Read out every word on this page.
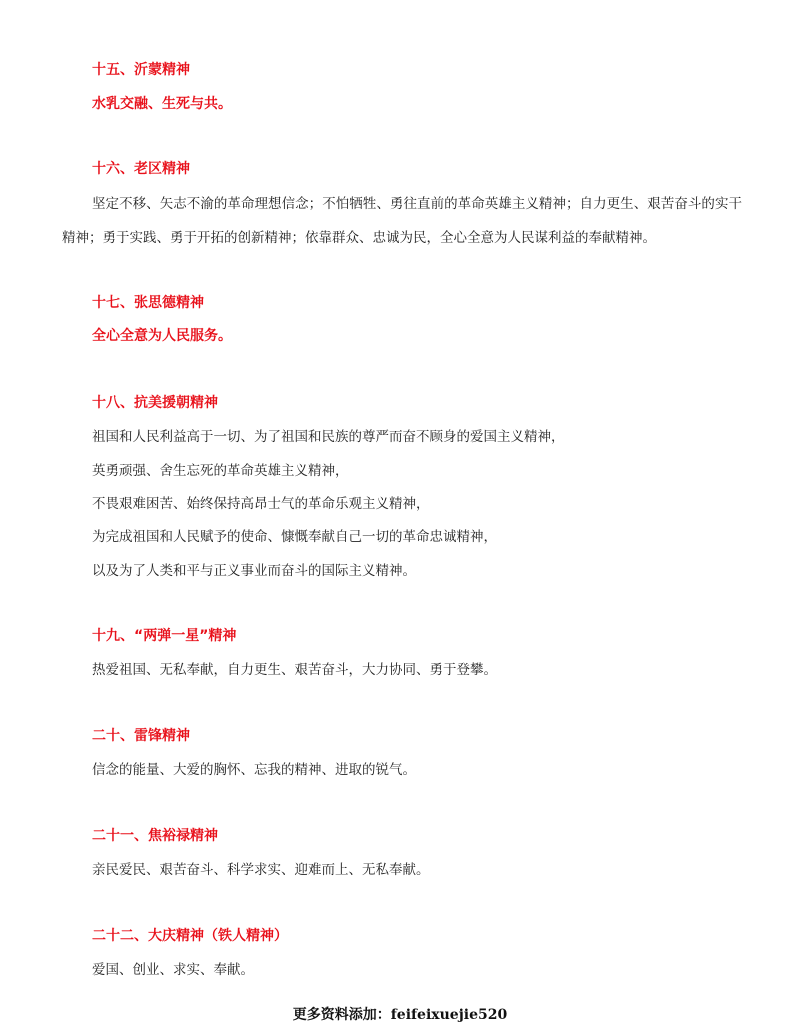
十五、沂蒙精神
水乳交融、生死与共。
十六、老区精神
坚定不移、矢志不渝的革命理想信念；不怕牺牲、勇往直前的革命英雄主义精神；自力更生、艰苦奋斗的实干精神；勇于实践、勇于开拓的创新精神；依靠群众、忠诚为民，全心全意为人民谋利益的奉献精神。
十七、张思德精神
全心全意为人民服务。
十八、抗美援朝精神
祖国和人民利益高于一切、为了祖国和民族的尊严而奋不顾身的爱国主义精神，
英勇顽强、舍生忘死的革命英雄主义精神，
不畏艰难困苦、始终保持高昂士气的革命乐观主义精神，
为完成祖国和人民赋予的使命、慷慨奉献自己一切的革命忠诚精神，
以及为了人类和平与正义事业而奋斗的国际主义精神。
十九、“两弹一星”精神
热爱祖国、无私奉献，自力更生、艰苦奋斗，大力协同、勇于登攀。
二十、雷锋精神
信念的能量、大爱的胸怀、忘我的精神、进取的锐气。
二十一、焦裕禄精神
亲民爱民、艰苦奋斗、科学求实、迎难而上、无私奉献。
二十二、大庆精神（铁人精神）
爱国、创业、求实、奉献。
更多资料添加：feifeixuejie520
